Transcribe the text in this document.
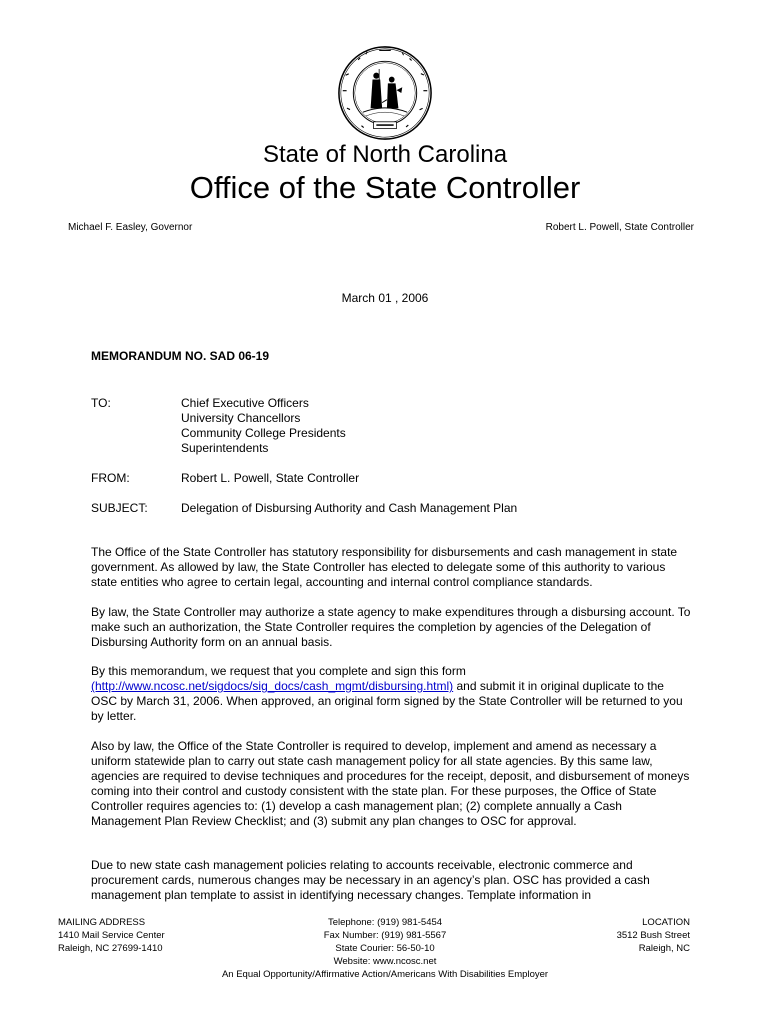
State of North Carolina
Office of the State Controller
Michael F. Easley, Governor	Robert L. Powell, State Controller
March 01 , 2006
MEMORANDUM NO. SAD 06-19
TO:	Chief Executive Officers
University Chancellors
Community College Presidents
Superintendents
FROM:	Robert L. Powell, State Controller
SUBJECT:	Delegation of Disbursing Authority and Cash Management Plan
The Office of the State Controller has statutory responsibility for disbursements and cash management in state government. As allowed by law, the State Controller has elected to delegate some of this authority to various state entities who agree to certain legal, accounting and internal control compliance standards.
By law, the State Controller may authorize a state agency to make expenditures through a disbursing account. To make such an authorization, the State Controller requires the completion by agencies of the Delegation of Disbursing Authority form on an annual basis.
By this memorandum, we request that you complete and sign this form
(http://www.ncosc.net/sigdocs/sig_docs/cash_mgmt/disbursing.html) and submit it in original duplicate to the OSC by March 31, 2006. When approved, an original form signed by the State Controller will be returned to you by letter.
Also by law, the Office of the State Controller is required to develop, implement and amend as necessary a uniform statewide plan to carry out state cash management policy for all state agencies. By this same law, agencies are required to devise techniques and procedures for the receipt, deposit, and disbursement of moneys coming into their control and custody consistent with the state plan. For these purposes, the Office of State Controller requires agencies to: (1) develop a cash management plan; (2) complete annually a Cash Management Plan Review Checklist; and (3) submit any plan changes to OSC for approval.
Due to new state cash management policies relating to accounts receivable, electronic commerce and procurement cards, numerous changes may be necessary in an agency’s plan. OSC has provided a cash management plan template to assist in identifying necessary changes. Template information in
MAILING ADDRESS
1410 Mail Service Center
Raleigh, NC 27699-1410
Telephone: (919) 981-5454
Fax Number: (919) 981-5567
State Courier: 56-50-10
Website: www.ncosc.net
An Equal Opportunity/Affirmative Action/Americans With Disabilities Employer
LOCATION
3512 Bush Street
Raleigh, NC
